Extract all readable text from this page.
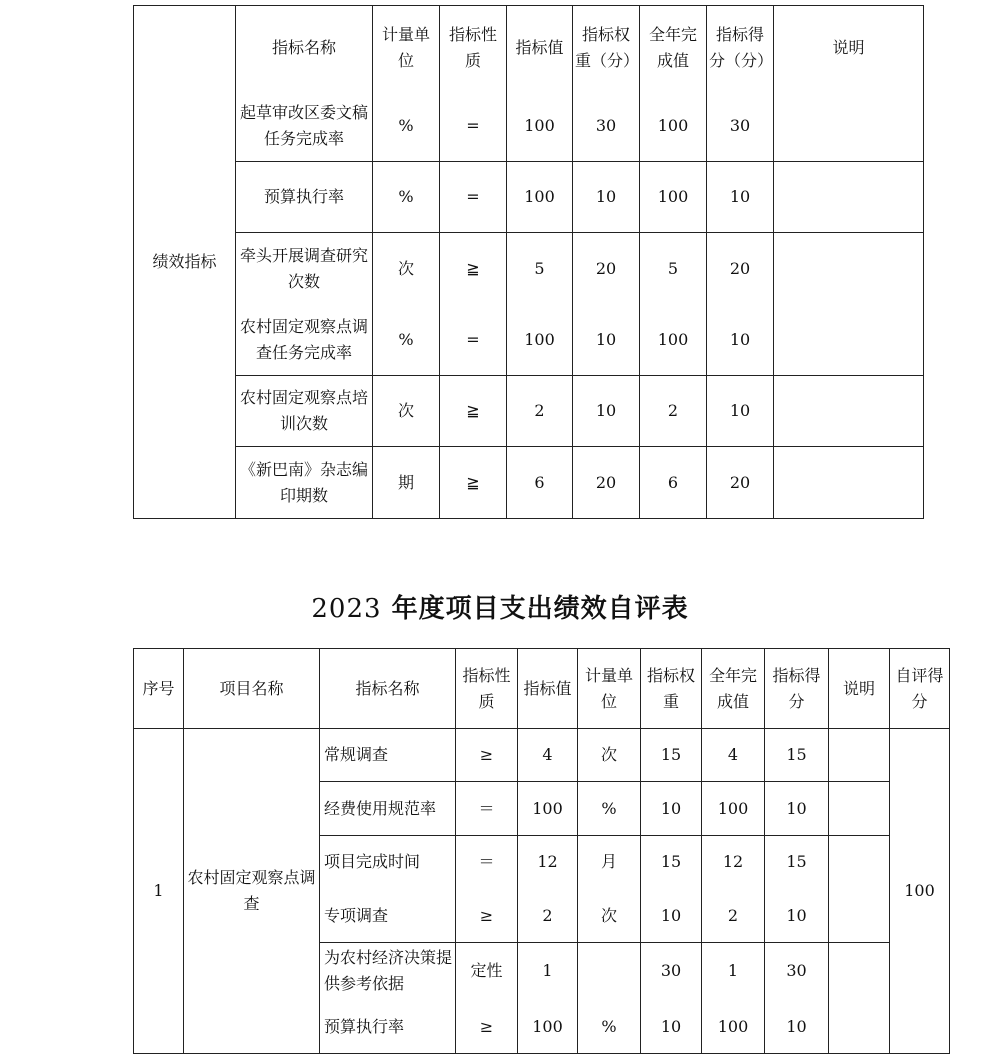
绩效指标	指标名称	计量单位	指标性质	指标值	指标权重（分）	全年完成值	指标得分（分）	说明
	起草审改区委文稿任务完成率	%	=	100	30	100	30	
	预算执行率	%	=	100	10	100	10	
	牵头开展调查研究次数	次	≧	5	20	5	20	
	农村固定观察点调查任务完成率	%	=	100	10	100	10	
	农村固定观察点培训次数	次	≧	2	10	2	10	
	《新巴南》杂志编印期数	期	≧	6	20	6	20	
2023 年度项目支出绩效自评表
序号	项目名称	指标名称	指标性质	指标值	计量单位	指标权重	全年完成值	指标得分	说明	自评得分
1	农村固定观察点调查	常规调查	≥	4	次	15	4	15		100
		经费使用规范率	＝	100	%	10	100	10		
		项目完成时间	＝	12	月	15	12	15		
		专项调查	≥	2	次	10	2	10		
		为农村经济决策提供参考依据	定性	1		30	1	30		
		预算执行率	≥	100	%	10	100	10		
